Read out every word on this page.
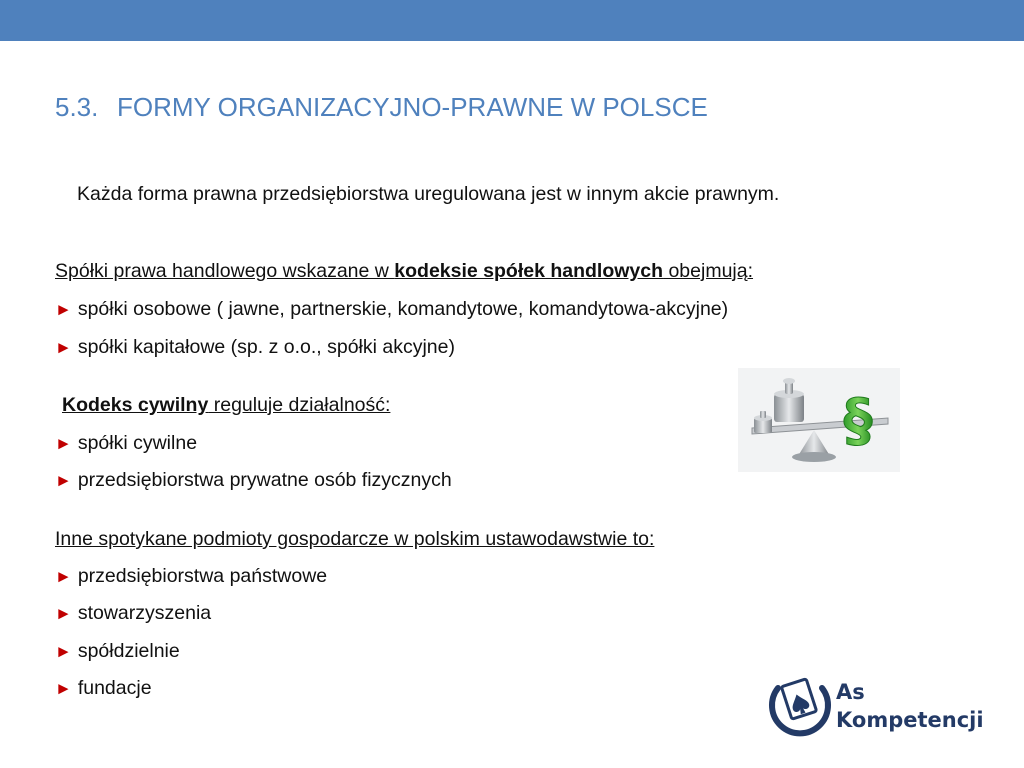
5.3. FORMY ORGANIZACYJNO-PRAWNE W POLSCE
Każda forma prawna przedsiębiorstwa uregulowana jest w innym akcie prawnym.
Spółki prawa handlowego wskazane w kodeksie spółek handlowych obejmują:
► spółki osobowe ( jawne, partnerskie, komandytowe, komandytowa-akcyjne)
► spółki kapitałowe (sp. z o.o., spółki akcyjne)
Kodeks cywilny reguluje działalność:
► spółki cywilne
► przedsiębiorstwa prywatne osób fizycznych
Inne spotykane podmioty gospodarcze w polskim ustawodawstwie to:
► przedsiębiorstwa państwowe
► stowarzyszenia
► spółdzielnie
► fundacje
§
As
Kompetencji
